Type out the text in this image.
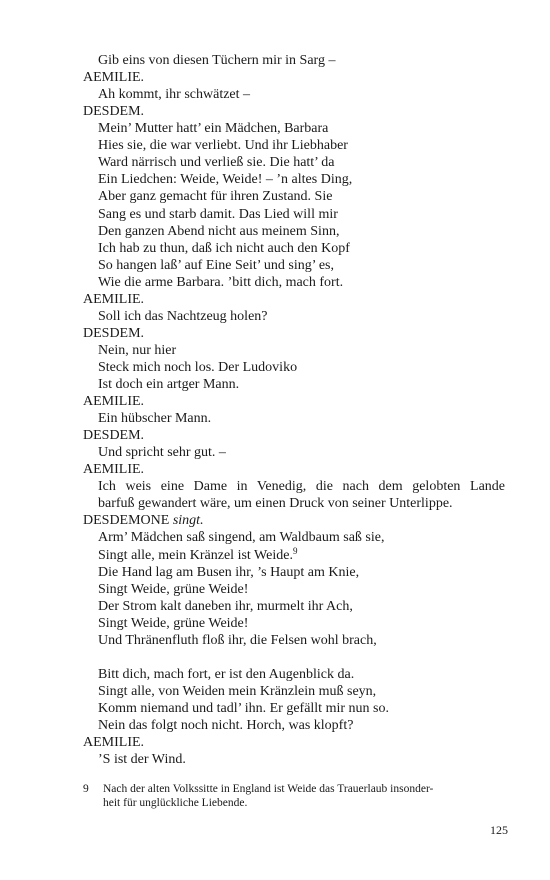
Gib eins von diesen Tüchern mir in Sarg –
AEMILIE.
Ah kommt, ihr schwätzet –
DESDEM.
Mein’ Mutter hatt’ ein Mädchen, Barbara
Hies sie, die war verliebt. Und ihr Liebhaber
Ward närrisch und verließ sie. Die hatt’ da
Ein Liedchen: Weide, Weide! – ’n altes Ding,
Aber ganz gemacht für ihren Zustand. Sie
Sang es und starb damit. Das Lied will mir
Den ganzen Abend nicht aus meinem Sinn,
Ich hab zu thun, daß ich nicht auch den Kopf
So hangen laß’ auf Eine Seit’ und sing’ es,
Wie die arme Barbara. ’bitt dich, mach fort.
AEMILIE.
Soll ich das Nachtzeug holen?
DESDEM.
Nein, nur hier
Steck mich noch los. Der Ludoviko
Ist doch ein artger Mann.
AEMILIE.
Ein hübscher Mann.
DESDEM.
Und spricht sehr gut. –
AEMILIE.
Ich weis eine Dame in Venedig, die nach dem gelobten Lande
barfuß gewandert wäre, um einen Druck von seiner Unterlippe.
DESDEMONE singt.
Arm’ Mädchen saß singend, am Waldbaum saß sie,
Singt alle, mein Kränzel ist Weide.$^9$
Die Hand lag am Busen ihr, ’s Haupt am Knie,
Singt Weide, grüne Weide!
Der Strom kalt daneben ihr, murmelt ihr Ach,
Singt Weide, grüne Weide!
Und Thränenfluth floß ihr, die Felsen wohl brach,
Bitt dich, mach fort, er ist den Augenblick da.
Singt alle, von Weiden mein Kränzlein muß seyn,
Komm niemand und tadl’ ihn. Er gefällt mir nun so.
Nein das folgt noch nicht. Horch, was klopft?
AEMILIE.
’S ist der Wind.
9 Nach der alten Volkssitte in England ist Weide das Trauerlaub insonder-
heit für unglückliche Liebende.
125
